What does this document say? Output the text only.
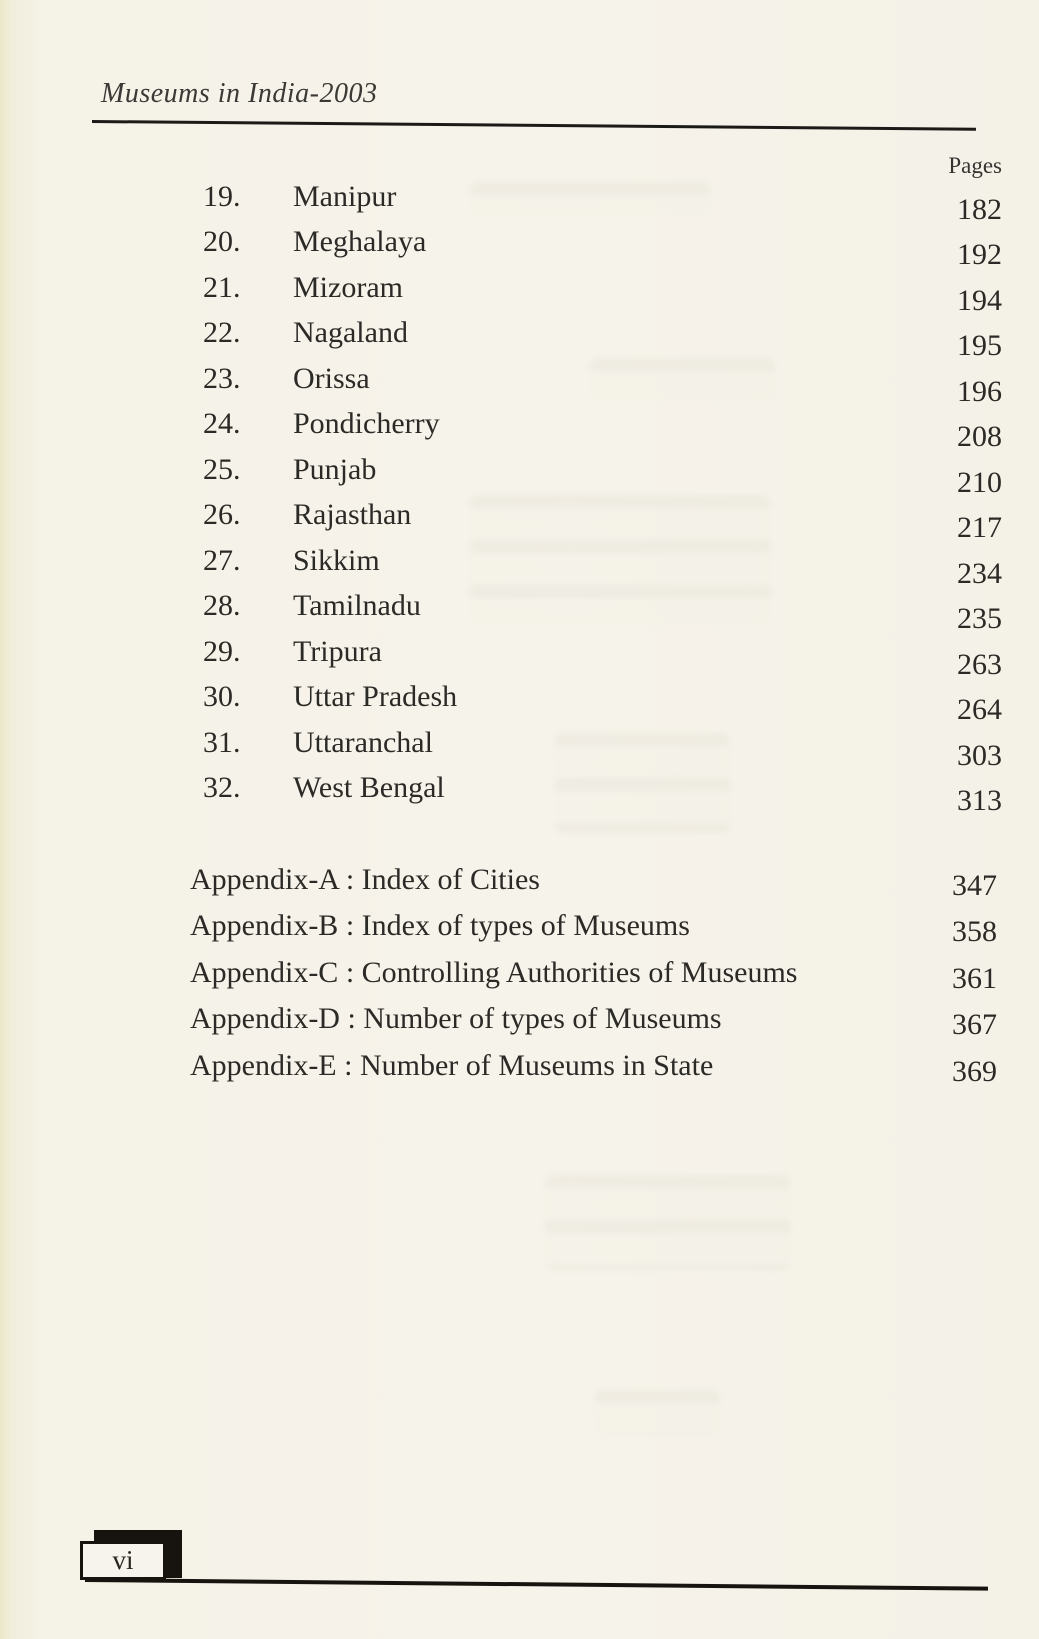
Museums in India-2003
Pages
19. Manipur	182
20. Meghalaya	192
21. Mizoram	194
22. Nagaland	195
23. Orissa	196
24. Pondicherry	208
25. Punjab	210
26. Rajasthan	217
27. Sikkim	234
28. Tamilnadu	235
29. Tripura	263
30. Uttar Pradesh	264
31. Uttaranchal	303
32. West Bengal	313
Appendix-A : Index of Cities	347
Appendix-B : Index of types of Museums	358
Appendix-C : Controlling Authorities of Museums	361
Appendix-D : Number of types of Museums	367
Appendix-E : Number of Museums in State	369
vi
